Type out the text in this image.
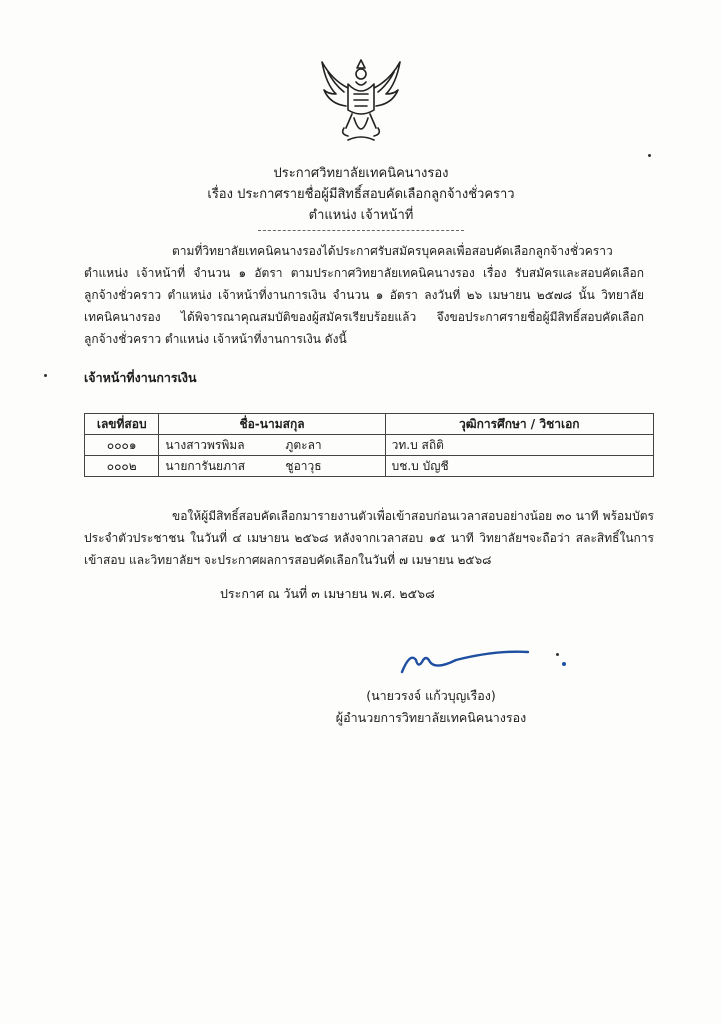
ประกาศวิทยาลัยเทคนิคนางรอง
เรื่อง ประกาศรายชื่อผู้มีสิทธิ์สอบคัดเลือกลูกจ้างชั่วคราว
ตำแหน่ง เจ้าหน้าที่
ตามที่วิทยาลัยเทคนิคนางรองได้ประกาศรับสมัครบุคคลเพื่อสอบคัดเลือกลูกจ้างชั่วคราว ตำแหน่ง เจ้าหน้าที่ จำนวน ๑ อัตรา ตามประกาศวิทยาลัยเทคนิคนางรอง เรื่อง รับสมัครและสอบคัดเลือก ลูกจ้างชั่วคราว ตำแหน่ง เจ้าหน้าที่งานการเงิน จำนวน ๑ อัตรา ลงวันที่ ๒๖ เมษายน ๒๕๗๘ นั้น วิทยาลัยเทคนิคนางรอง ได้พิจารณาคุณสมบัติของผู้สมัครเรียบร้อยแล้ว จึงขอประกาศรายชื่อผู้มีสิทธิ์สอบคัดเลือก ลูกจ้างชั่วคราว ตำแหน่ง เจ้าหน้าที่งานการเงิน ดังนี้
เจ้าหน้าที่งานการเงิน
เลขที่สอบ	ชื่อ-นามสกุล	วุฒิการศึกษา / วิชาเอก
๐๐๐๑	นางสาวพรพิมล ภูตะลา	วท.บ สถิติ
๐๐๐๒	นายการันยภาส ชูอาวุธ	บช.บ บัญชี
ขอให้ผู้มีสิทธิ์สอบคัดเลือกมารายงานตัวเพื่อเข้าสอบก่อนเวลาสอบอย่างน้อย ๓๐ นาที พร้อมบัตรประจำตัวประชาชน ในวันที่ ๔ เมษายน ๒๕๖๘ หลังจากเวลาสอบ ๑๕ นาที วิทยาลัยฯจะถือว่า สละสิทธิ์ในการเข้าสอบ และวิทยาลัยฯ จะประกาศผลการสอบคัดเลือกในวันที่ ๗ เมษายน ๒๕๖๘
ประกาศ ณ วันที่ ๓ เมษายน พ.ศ. ๒๕๖๘
(นายวรงจ์ แก้วบุญเรือง)
ผู้อำนวยการวิทยาลัยเทคนิคนางรอง
